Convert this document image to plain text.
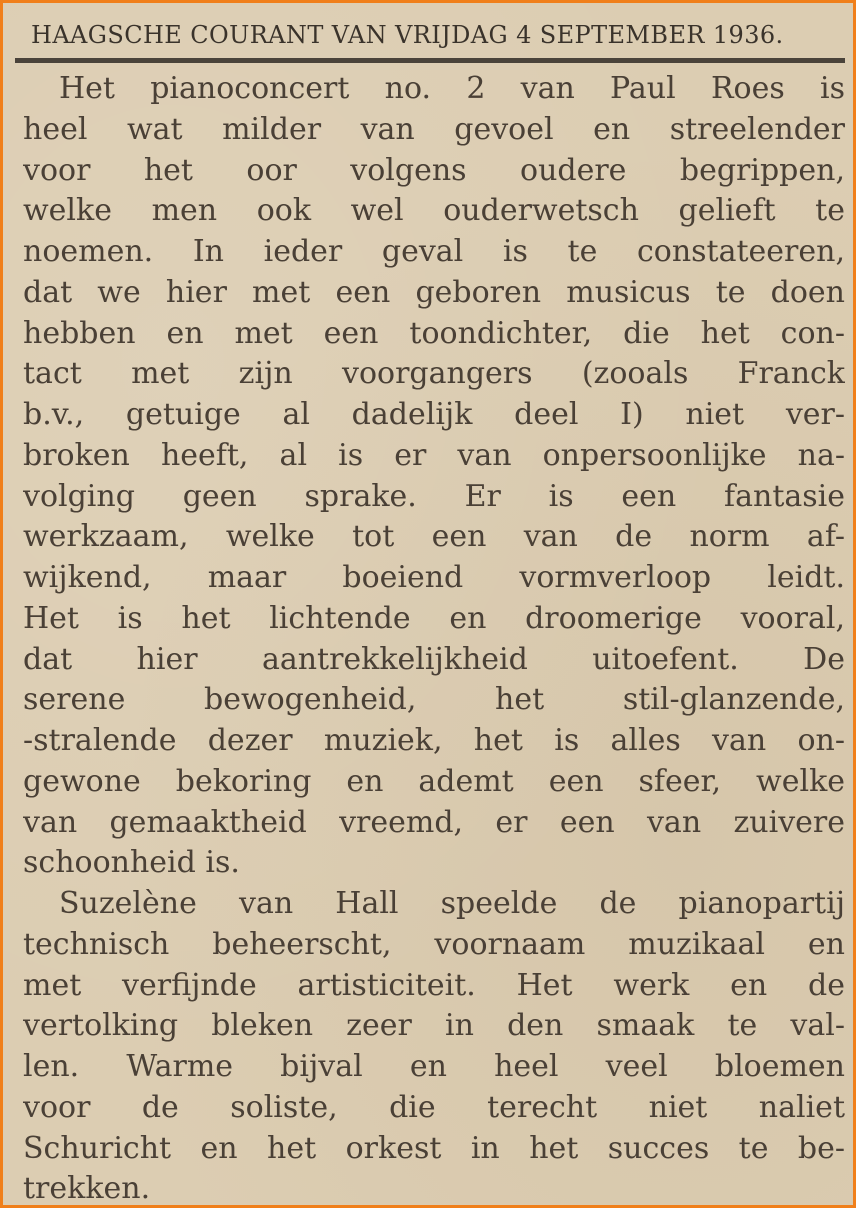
HAAGSCHE COURANT VAN VRIJDAG 4 SEPTEMBER 1936.
Het pianoconcert no. 2 van Paul Roes is
heel wat milder van gevoel en streelender
voor het oor volgens oudere begrippen,
welke men ook wel ouderwetsch gelieft te
noemen. In ieder geval is te constateeren,
dat we hier met een geboren musicus te doen
hebben en met een toondichter, die het con-
tact met zijn voorgangers (zooals Franck
b.v., getuige al dadelijk deel I) niet ver-
broken heeft, al is er van onpersoonlijke na-
volging geen sprake. Er is een fantasie
werkzaam, welke tot een van de norm af-
wijkend, maar boeiend vormverloop leidt.
Het is het lichtende en droomerige vooral,
dat hier aantrekkelijkheid uitoefent. De
serene bewogenheid, het stil-glanzende,
-stralende dezer muziek, het is alles van on-
gewone bekoring en ademt een sfeer, welke
van gemaaktheid vreemd, er een van zuivere
schoonheid is.
Suzelène van Hall speelde de pianopartij
technisch beheerscht, voornaam muzikaal en
met verfijnde artisticiteit. Het werk en de
vertolking bleken zeer in den smaak te val-
len. Warme bijval en heel veel bloemen
voor de soliste, die terecht niet naliet
Schuricht en het orkest in het succes te be-
trekken.
